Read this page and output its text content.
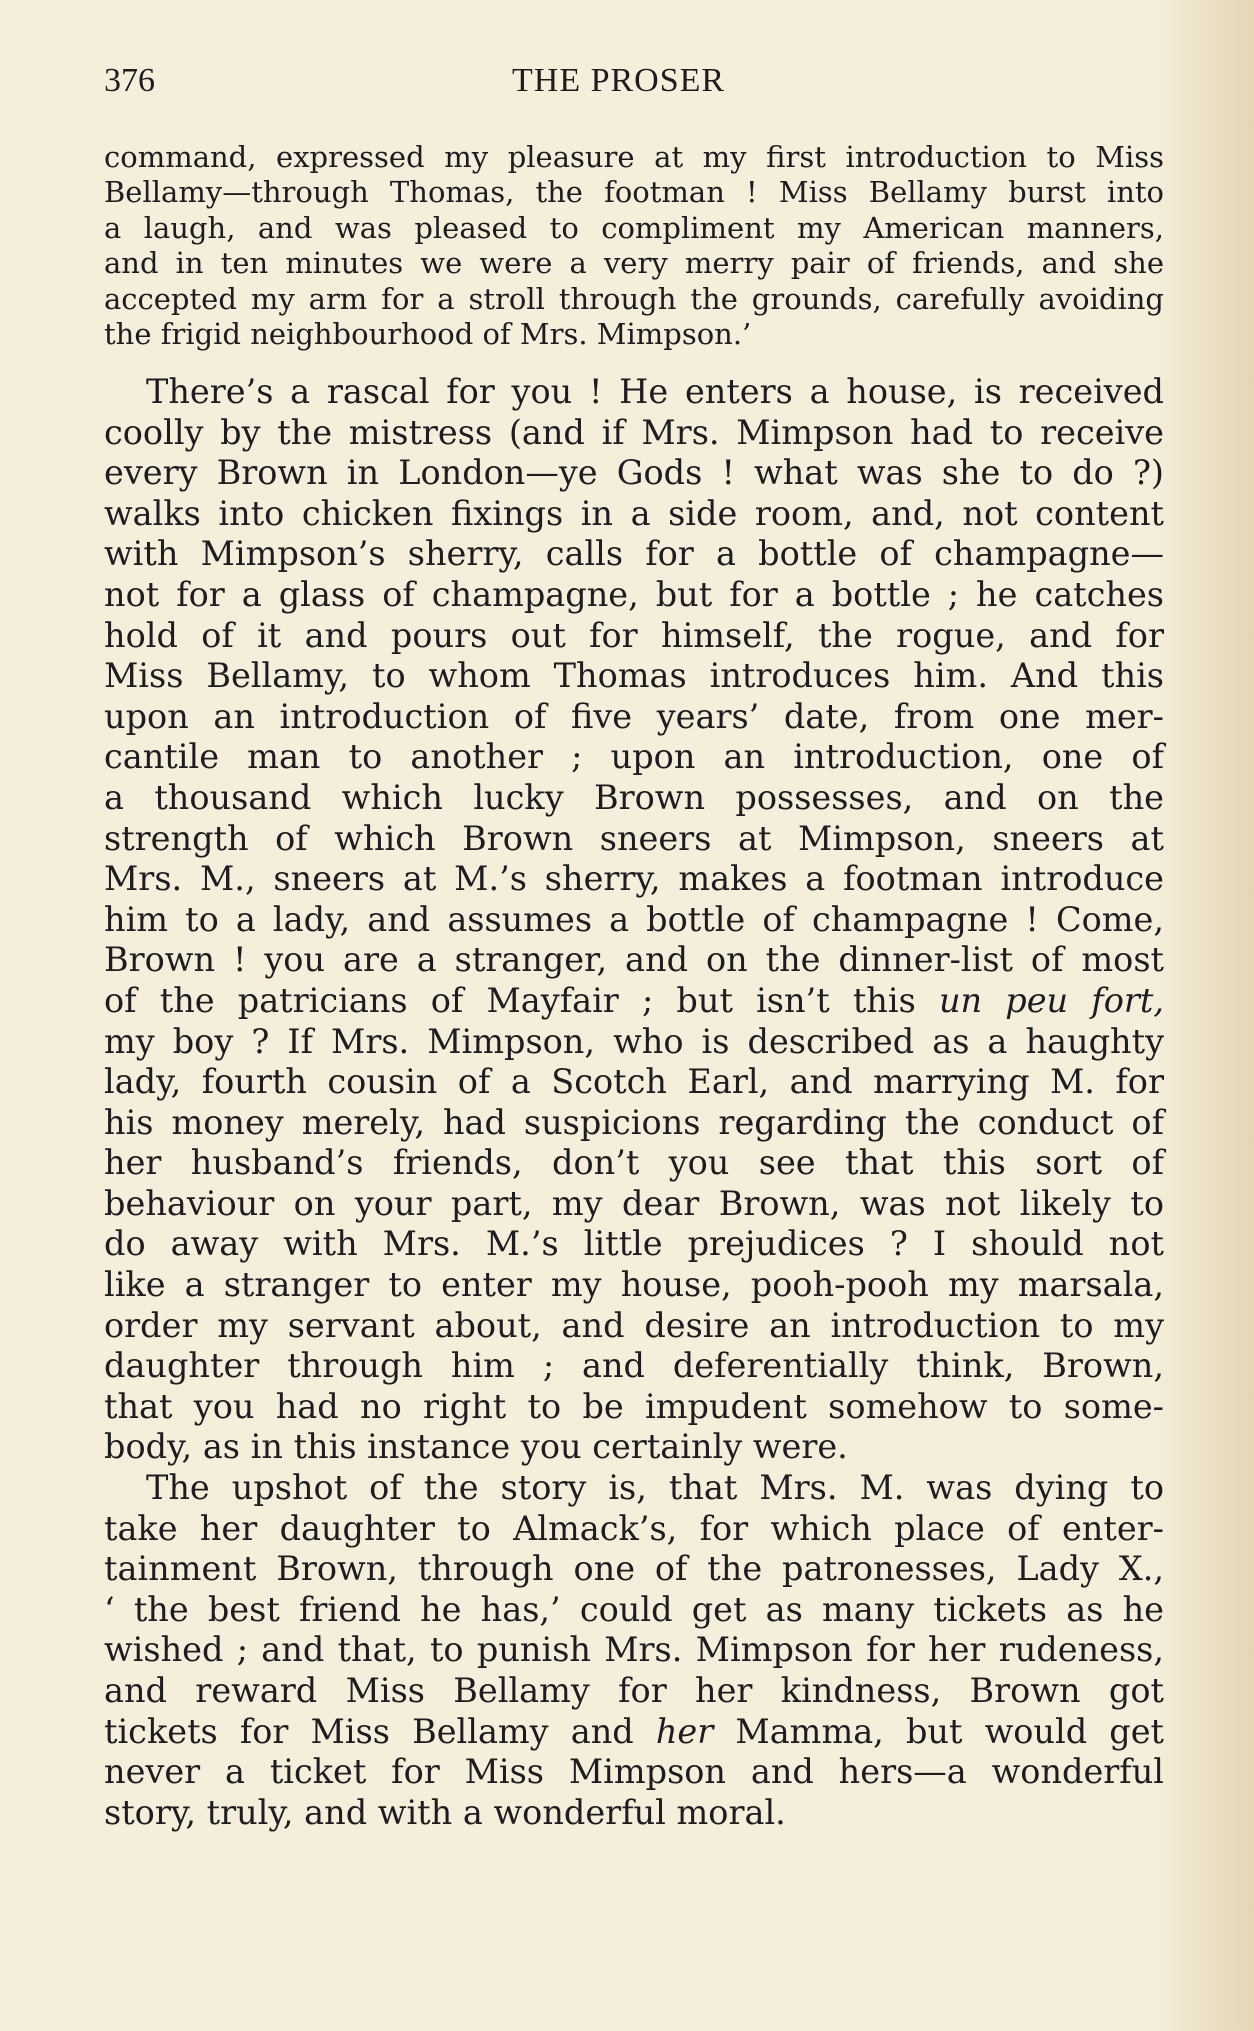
376	THE PROSER
command, expressed my pleasure at my first introduction to Miss
Bellamy—through Thomas, the footman ! Miss Bellamy burst into
a laugh, and was pleased to compliment my American manners,
and in ten minutes we were a very merry pair of friends, and she
accepted my arm for a stroll through the grounds, carefully avoiding
the frigid neighbourhood of Mrs. Mimpson.’
There’s a rascal for you ! He enters a house, is received
coolly by the mistress (and if Mrs. Mimpson had to receive
every Brown in London—ye Gods ! what was she to do ?)
walks into chicken fixings in a side room, and, not content
with Mimpson’s sherry, calls for a bottle of champagne—
not for a glass of champagne, but for a bottle ; he catches
hold of it and pours out for himself, the rogue, and for
Miss Bellamy, to whom Thomas introduces him. And this
upon an introduction of five years’ date, from one mer-
cantile man to another ; upon an introduction, one of
a thousand which lucky Brown possesses, and on the
strength of which Brown sneers at Mimpson, sneers at
Mrs. M., sneers at M.’s sherry, makes a footman introduce
him to a lady, and assumes a bottle of champagne ! Come,
Brown ! you are a stranger, and on the dinner-list of most
of the patricians of Mayfair ; but isn’t this un peu fort,
my boy ? If Mrs. Mimpson, who is described as a haughty
lady, fourth cousin of a Scotch Earl, and marrying M. for
his money merely, had suspicions regarding the conduct of
her husband’s friends, don’t you see that this sort of
behaviour on your part, my dear Brown, was not likely to
do away with Mrs. M.’s little prejudices ? I should not
like a stranger to enter my house, pooh-pooh my marsala,
order my servant about, and desire an introduction to my
daughter through him ; and deferentially think, Brown,
that you had no right to be impudent somehow to some-
body, as in this instance you certainly were.
The upshot of the story is, that Mrs. M. was dying to
take her daughter to Almack’s, for which place of enter-
tainment Brown, through one of the patronesses, Lady X.,
‘ the best friend he has,’ could get as many tickets as he
wished ; and that, to punish Mrs. Mimpson for her rudeness,
and reward Miss Bellamy for her kindness, Brown got
tickets for Miss Bellamy and her Mamma, but would get
never a ticket for Miss Mimpson and hers—a wonderful
story, truly, and with a wonderful moral.
